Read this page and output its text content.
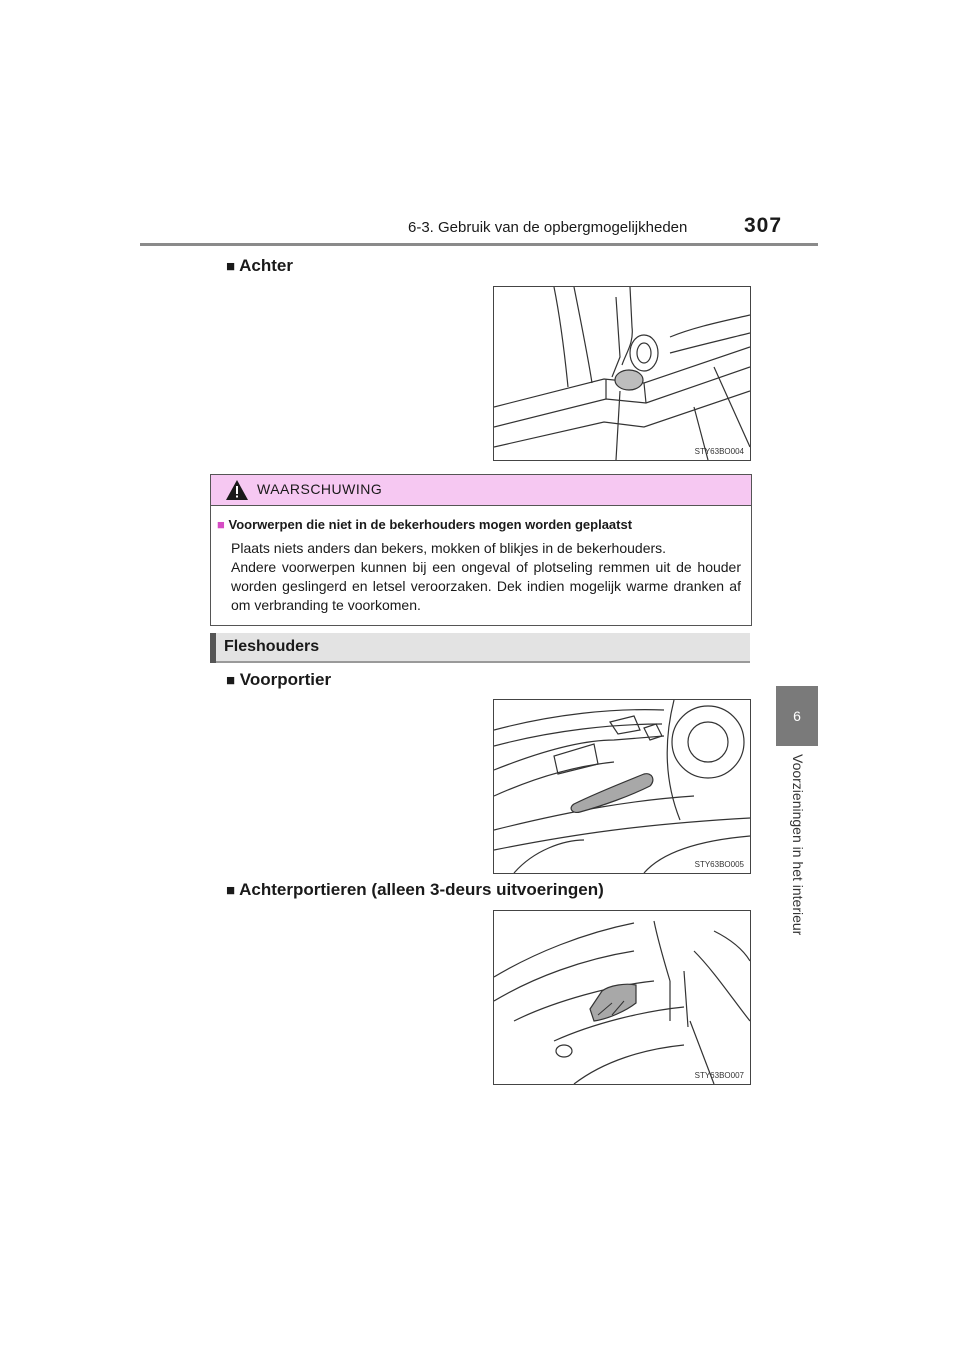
6-3. Gebruik van de opbergmogelijkheden	307
6
Voorzieningen in het interieur
■ Achter
STY63BO004
WAARSCHUWING
■ Voorwerpen die niet in de bekerhouders mogen worden geplaatst
Plaats niets anders dan bekers, mokken of blikjes in de bekerhouders.
Andere voorwerpen kunnen bij een ongeval of plotseling remmen uit de houder worden geslingerd en letsel veroorzaken. Dek indien mogelijk warme dranken af om verbranding te voorkomen.
Fleshouders
■ Voorportier
STY63BO005
■ Achterportieren (alleen 3-deurs uitvoeringen)
STY63BO007
